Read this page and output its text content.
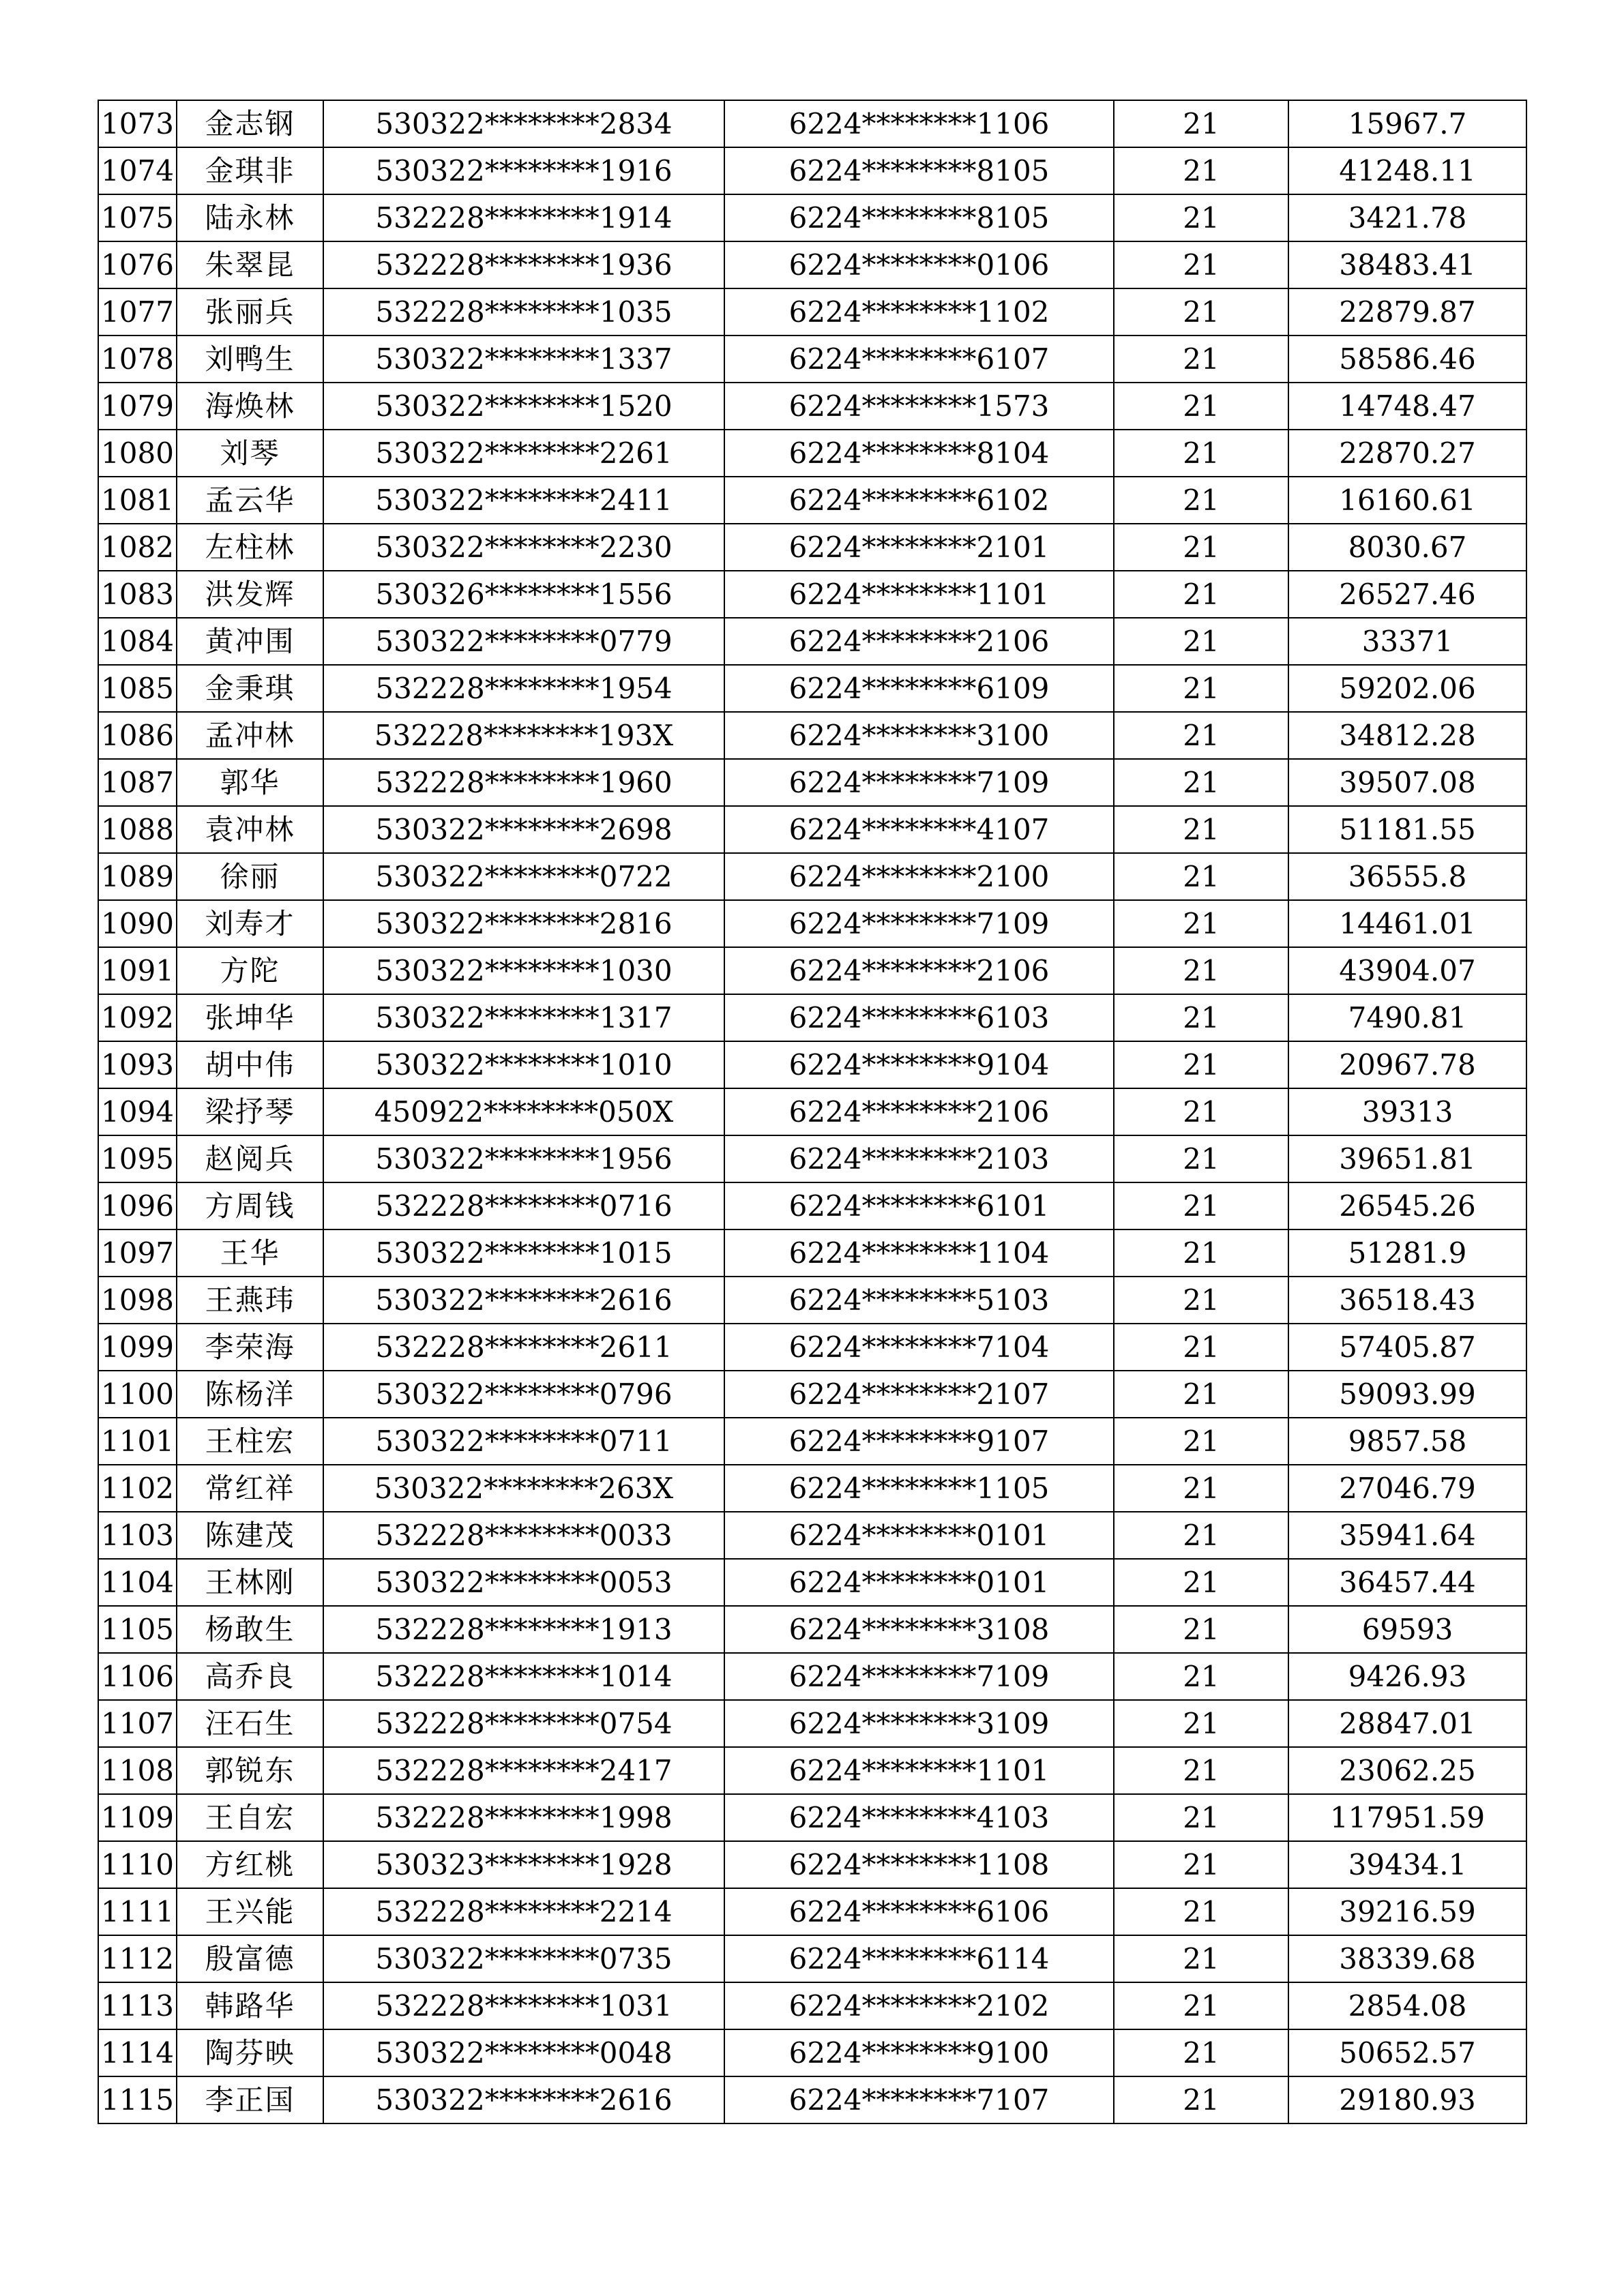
1073	金志钢	530322********2834	6224********1106	21	15967.7
1074	金琪非	530322********1916	6224********8105	21	41248.11
1075	陆永林	532228********1914	6224********8105	21	3421.78
1076	朱翠昆	532228********1936	6224********0106	21	38483.41
1077	张丽兵	532228********1035	6224********1102	21	22879.87
1078	刘鸭生	530322********1337	6224********6107	21	58586.46
1079	海焕林	530322********1520	6224********1573	21	14748.47
1080	刘琴	530322********2261	6224********8104	21	22870.27
1081	孟云华	530322********2411	6224********6102	21	16160.61
1082	左柱林	530322********2230	6224********2101	21	8030.67
1083	洪发辉	530326********1556	6224********1101	21	26527.46
1084	黄冲围	530322********0779	6224********2106	21	33371
1085	金秉琪	532228********1954	6224********6109	21	59202.06
1086	孟冲林	532228********193X	6224********3100	21	34812.28
1087	郭华	532228********1960	6224********7109	21	39507.08
1088	袁冲林	530322********2698	6224********4107	21	51181.55
1089	徐丽	530322********0722	6224********2100	21	36555.8
1090	刘寿才	530322********2816	6224********7109	21	14461.01
1091	方陀	530322********1030	6224********2106	21	43904.07
1092	张坤华	530322********1317	6224********6103	21	7490.81
1093	胡中伟	530322********1010	6224********9104	21	20967.78
1094	梁抒琴	450922********050X	6224********2106	21	39313
1095	赵阅兵	530322********1956	6224********2103	21	39651.81
1096	方周钱	532228********0716	6224********6101	21	26545.26
1097	王华	530322********1015	6224********1104	21	51281.9
1098	王燕玮	530322********2616	6224********5103	21	36518.43
1099	李荣海	532228********2611	6224********7104	21	57405.87
1100	陈杨洋	530322********0796	6224********2107	21	59093.99
1101	王柱宏	530322********0711	6224********9107	21	9857.58
1102	常红祥	530322********263X	6224********1105	21	27046.79
1103	陈建茂	532228********0033	6224********0101	21	35941.64
1104	王林刚	530322********0053	6224********0101	21	36457.44
1105	杨敢生	532228********1913	6224********3108	21	69593
1106	高乔良	532228********1014	6224********7109	21	9426.93
1107	汪石生	532228********0754	6224********3109	21	28847.01
1108	郭锐东	532228********2417	6224********1101	21	23062.25
1109	王自宏	532228********1998	6224********4103	21	117951.59
1110	方红桃	530323********1928	6224********1108	21	39434.1
1111	王兴能	532228********2214	6224********6106	21	39216.59
1112	殷富德	530322********0735	6224********6114	21	38339.68
1113	韩路华	532228********1031	6224********2102	21	2854.08
1114	陶芬映	530322********0048	6224********9100	21	50652.57
1115	李正国	530322********2616	6224********7107	21	29180.93
